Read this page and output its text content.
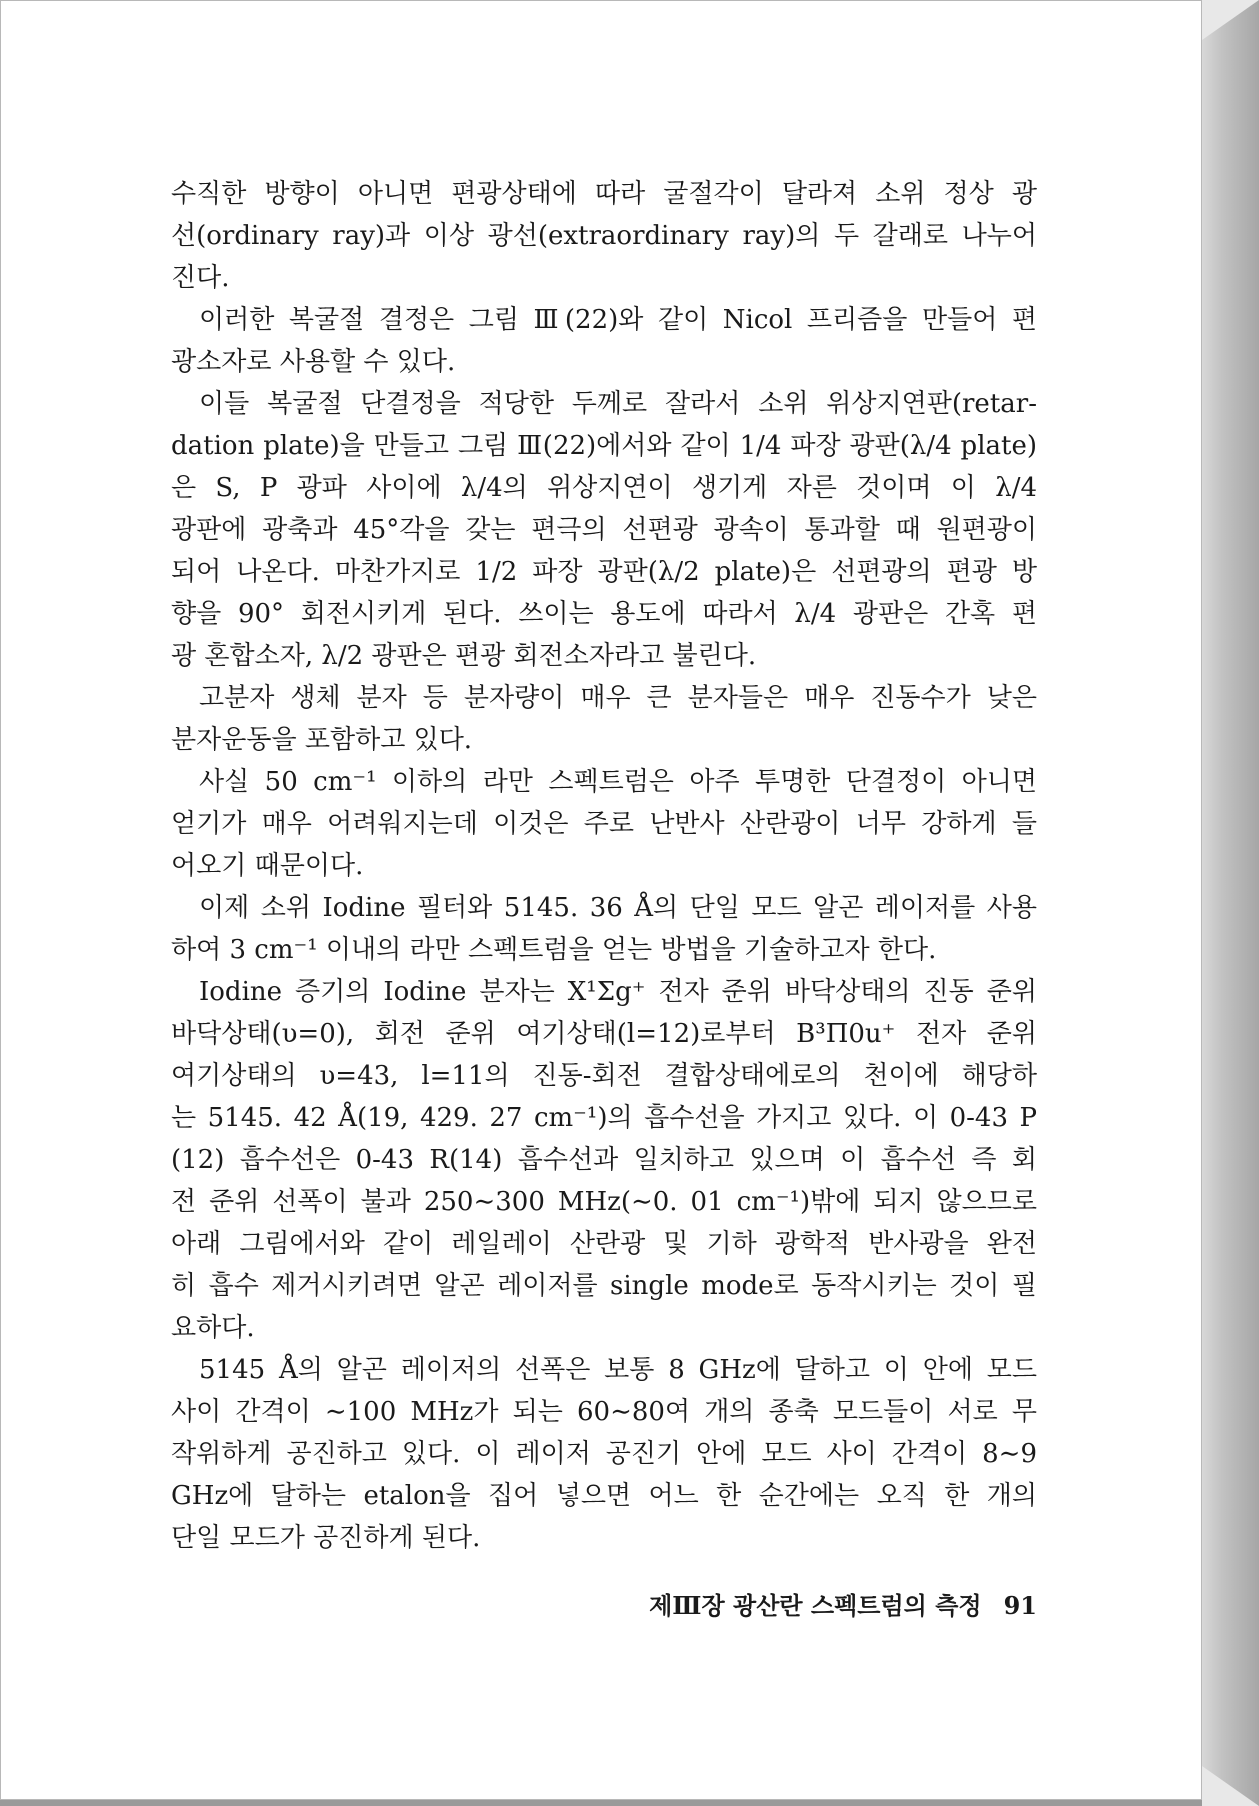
수직한 방향이 아니면 편광상태에 따라 굴절각이 달라져 소위 정상 광
선(ordinary ray)과 이상 광선(extraordinary ray)의 두 갈래로 나누어
진다.
이러한 복굴절 결정은 그림 Ⅲ(22)와 같이 Nicol 프리즘을 만들어 편
광소자로 사용할 수 있다.
이들 복굴절 단결정을 적당한 두께로 잘라서 소위 위상지연판(retar-
dation plate)을 만들고 그림 Ⅲ(22)에서와 같이 1/4 파장 광판(λ/4 plate)
은 S, P 광파 사이에 λ/4의 위상지연이 생기게 자른 것이며 이 λ/4
광판에 광축과 45°각을 갖는 편극의 선편광 광속이 통과할 때 원편광이
되어 나온다. 마찬가지로 1/2 파장 광판(λ/2 plate)은 선편광의 편광 방
향을 90° 회전시키게 된다. 쓰이는 용도에 따라서 λ/4 광판은 간혹 편
광 혼합소자, λ/2 광판은 편광 회전소자라고 불린다.
고분자 생체 분자 등 분자량이 매우 큰 분자들은 매우 진동수가 낮은
분자운동을 포함하고 있다.
사실 50 cm⁻¹ 이하의 라만 스펙트럼은 아주 투명한 단결정이 아니면
얻기가 매우 어려워지는데 이것은 주로 난반사 산란광이 너무 강하게 들
어오기 때문이다.
이제 소위 Iodine 필터와 5145. 36 Å의 단일 모드 알곤 레이저를 사용
하여 3 cm⁻¹ 이내의 라만 스펙트럼을 얻는 방법을 기술하고자 한다.
Iodine 증기의 Iodine 분자는 X¹Σg⁺ 전자 준위 바닥상태의 진동 준위
바닥상태(υ=0), 회전 준위 여기상태(l=12)로부터 B³Π0u⁺ 전자 준위
여기상태의 υ=43, l=11의 진동-회전 결합상태에로의 천이에 해당하
는 5145. 42 Å(19, 429. 27 cm⁻¹)의 흡수선을 가지고 있다. 이 0-43 P
(12) 흡수선은 0-43 R(14) 흡수선과 일치하고 있으며 이 흡수선 즉 회
전 준위 선폭이 불과 250∼300 MHz(∼0. 01 cm⁻¹)밖에 되지 않으므로
아래 그림에서와 같이 레일레이 산란광 및 기하 광학적 반사광을 완전
히 흡수 제거시키려면 알곤 레이저를 single mode로 동작시키는 것이 필
요하다.
5145 Å의 알곤 레이저의 선폭은 보통 8 GHz에 달하고 이 안에 모드
사이 간격이 ∼100 MHz가 되는 60∼80여 개의 종축 모드들이 서로 무
작위하게 공진하고 있다. 이 레이저 공진기 안에 모드 사이 간격이 8∼9
GHz에 달하는 etalon을 집어 넣으면 어느 한 순간에는 오직 한 개의
단일 모드가 공진하게 된다.
제Ⅲ장 광산란 스펙트럼의 측정 91
